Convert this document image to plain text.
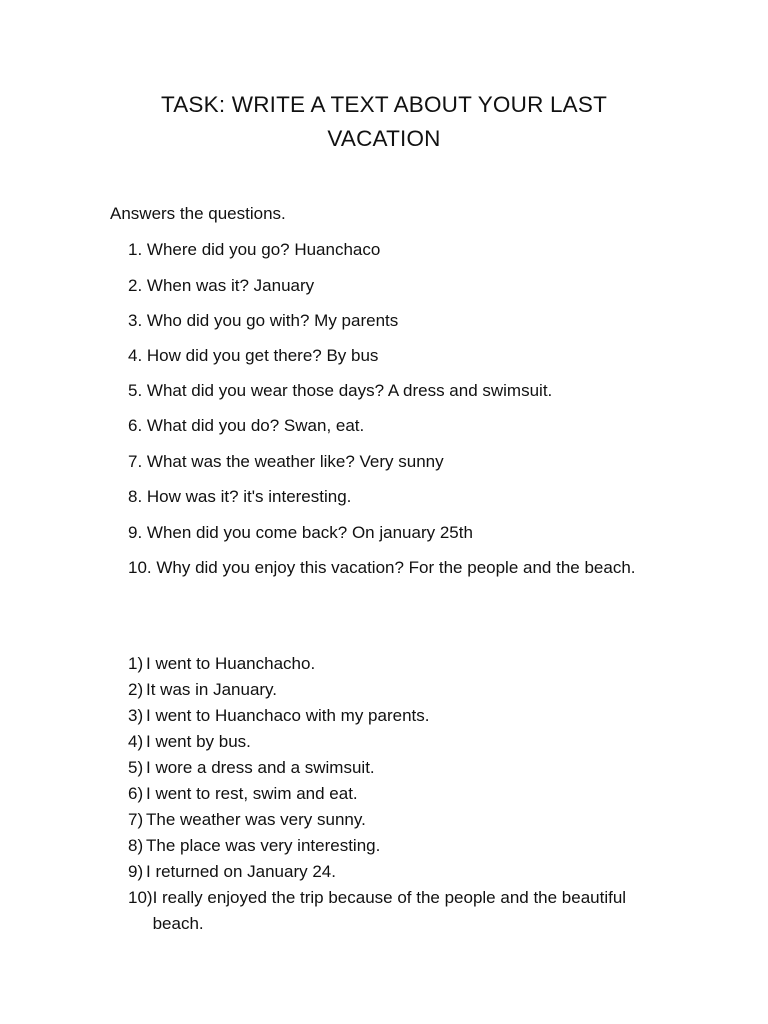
TASK: WRITE A TEXT ABOUT YOUR LAST
VACATION
Answers the questions.
1. Where did you go? Huanchaco
2. When was it? January
3. Who did you go with? My parents
4. How did you get there? By bus
5. What did you wear those days? A dress and swimsuit.
6. What did you do? Swan, eat.
7. What was the weather like? Very sunny
8. How was it? it's interesting.
9. When did you come back? On january 25th
10. Why did you enjoy this vacation? For the people and the beach.
1) I went to Huanchacho.
2) It was in January.
3) I went to Huanchaco with my parents.
4) I went by bus.
5) I wore a dress and a swimsuit.
6) I went to rest, swim and eat.
7) The weather was very sunny.
8) The place was very interesting.
9) I returned on January 24.
10) I really enjoyed the trip because of the people and the beautiful beach.
